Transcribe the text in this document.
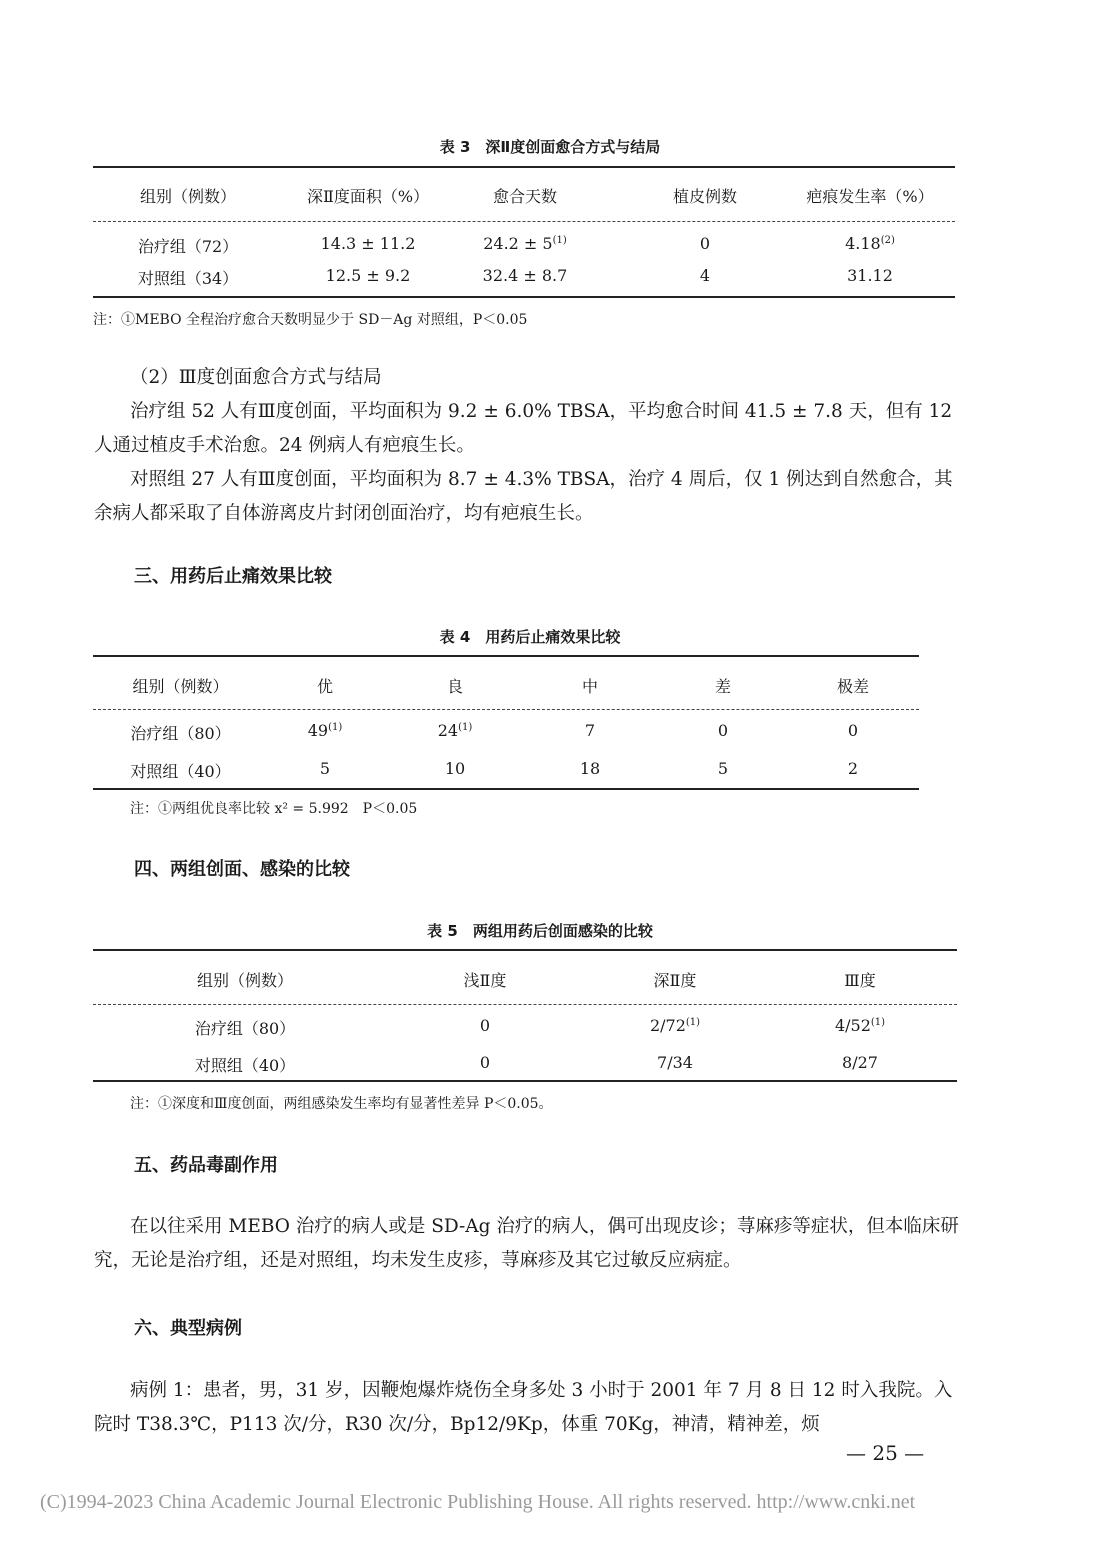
表 3　深Ⅱ度创面愈合方式与结局
组别（例数）	深Ⅱ度面积（%）	愈合天数	植皮例数	疤痕发生率（%）
治疗组（72）	14.3 ± 11.2	$24.2 \pm 5^{(1)}$	0	4.18$^{(2)}$
对照组（34）	12.5 ± 9.2	32.4 ± 8.7	4	31.12
注：①MEBO 全程治疗愈合天数明显少于 SD－Ag 对照组，P＜0.05
（2）Ⅲ度创面愈合方式与结局

治疗组 52 人有Ⅲ度创面，平均面积为 9.2 ± 6.0% TBSA，平均愈合时间 41.5 ± 7.8 天，但有 12 人通过植皮手术治愈。24 例病人有疤痕生长。

对照组 27 人有Ⅲ度创面，平均面积为 8.7 ± 4.3% TBSA，治疗 4 周后，仅 1 例达到自然愈合，其余病人都采取了自体游离皮片封闭创面治疗，均有疤痕生长。

三、用药后止痛效果比较
表 4　用药后止痛效果比较
组别（例数）	优	良	中	差	极差
治疗组（80）	49$^{(1)}$	24$^{(1)}$	7	0	0
对照组（40）	5	10	18	5	2
注：①两组优良率比较 x² = 5.992　P＜0.05
四、两组创面、感染的比较
表 5　两组用药后创面感染的比较
组别（例数）	浅Ⅱ度	深Ⅱ度	Ⅲ度
治疗组（80）	0	2/72$^{(1)}$	4/52$^{(1)}$
对照组（40）	0	7/34	8/27
注：①深度和Ⅲ度创面，两组感染发生率均有显著性差异 P＜0.05。
五、药品毒副作用

在以往采用 MEBO 治疗的病人或是 SD-Ag 治疗的病人，偶可出现皮诊；荨麻疹等症状，但本临床研究，无论是治疗组，还是对照组，均未发生皮疹，荨麻疹及其它过敏反应病症。

六、典型病例

病例 1：患者，男，31 岁，因鞭炮爆炸烧伤全身多处 3 小时于 2001 年 7 月 8 日 12 时入我院。入院时 T38.3℃，P113 次/分，R30 次/分，Bp12/9Kp，体重 70Kg，神清，精神差，烦

— 25 —
(C)1994-2023 China Academic Journal Electronic Publishing House. All rights reserved. http://www.cnki.net
